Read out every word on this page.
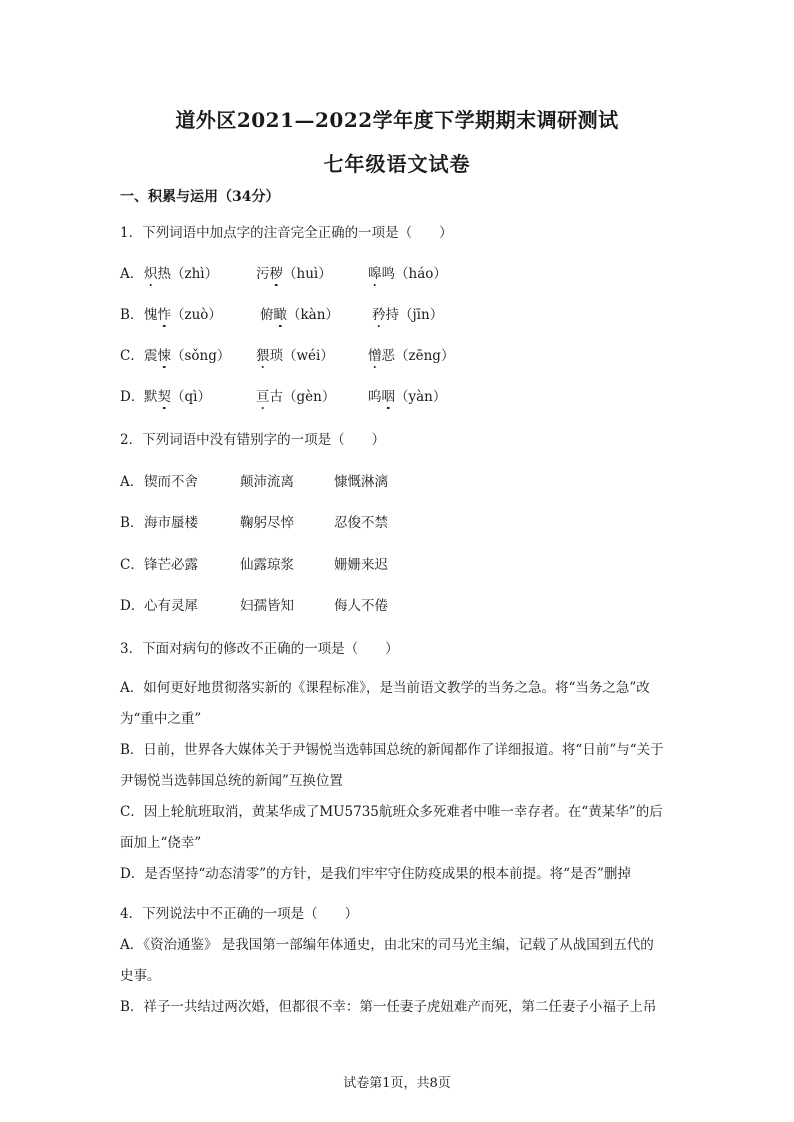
道外区2021—2022学年度下学期期末调研测试
七年级语文试卷
一、积累与运用（34分）
1．下列词语中加点字的注音完全正确的一项是（　　）
A． 炽热（zhì）	污秽（huì）	嗥鸣（háo）
B． 愧怍（zuò）	俯瞰（kàn） 矜持（jīn）
C． 震悚（sǒng） 猥琐（wéi）	憎恶（zēng）
D． 默契（qì）	亘古（gèn） 呜咽（yàn）
2．下列词语中没有错别字的一项是（　　）
A． 锲而不舍	颠沛流离	慷慨淋漓
B． 海市蜃楼	鞠躬尽悴	忍俊不禁
C． 锋芒必露	仙露琼浆	姗姗来迟
D． 心有灵犀	妇孺皆知	侮人不倦
3．下面对病句的修改不正确的一项是（　　）
A．如何更好地贯彻落实新的《课程标准》，是当前语文教学的当务之急。将“当务之急”改
为“重中之重”
B．日前，世界各大媒体关于尹锡悦当选韩国总统的新闻都作了详细报道。将“日前”与“关于
尹锡悦当选韩国总统的新闻”互换位置
C．因上轮航班取消，黄某华成了MU5735航班众多死难者中唯一幸存者。在“黄某华”的后
面加上“侥幸”
D．是否坚持“动态清零”的方针，是我们牢牢守住防疫成果的根本前提。将“是否”删掉
4．下列说法中不正确的一项是（　　）
A．《资治通鉴》 是我国第一部编年体通史，由北宋的司马光主编，记载了从战国到五代的
史事。
B．祥子一共结过两次婚，但都很不幸：第一任妻子虎妞难产而死，第二任妻子小福子上吊
试卷第1页，共8页
